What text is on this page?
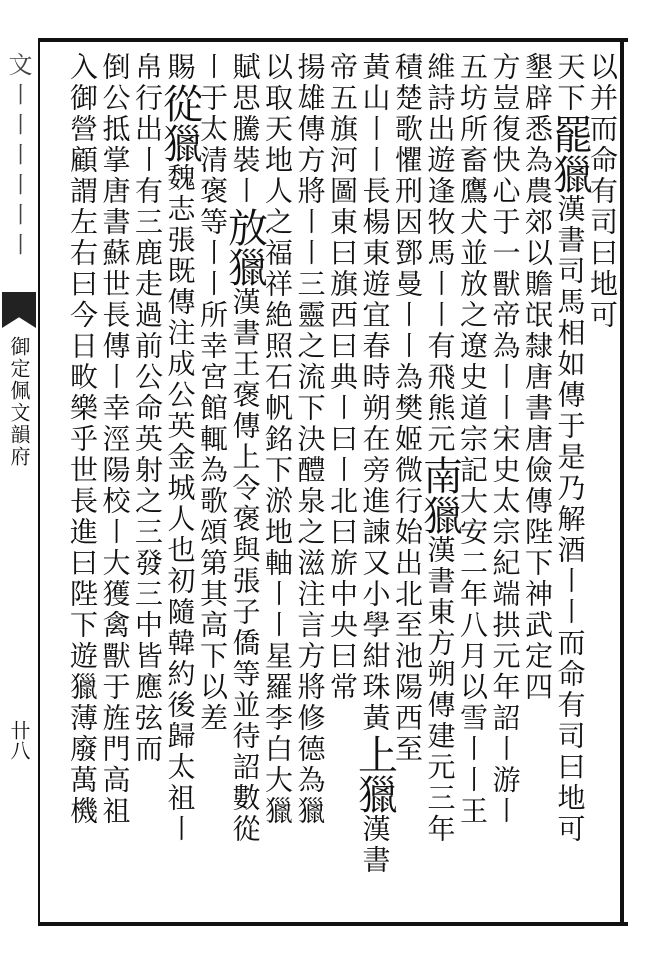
文〡〡〡〡〡〡
御定佩文韻府
卄八
以并而命有司曰地可
天下罷獵漢書司馬相如傳于是乃解酒〡〡而命有司曰地可
墾辟悉為農郊以贍氓隸唐書唐儉傳陛下神武定四
方豈復快心于一獸帝為〡〡宋史太宗紀端拱元年詔〡游〡
五坊所畜鷹犬並放之遼史道宗記大安二年八月以雪〡〡王
維詩出遊逢牧馬〡〡有飛熊元南獵漢書東方朔傳建元三年
積楚歌懼刑因鄧曼〡〡為樊姬微行始出北至池陽西至
黃山〡〡長楊東遊宜春時朔在旁進諫又小學紺珠黃上獵漢書
帝五旗河圖東曰旗西曰典〡曰〡北曰旂中央曰常
揚雄傳方將〡〡三靈之流下決醴泉之滋注言方將修德為獵
以取天地人之福祥絶照石帆銘下淤地軸〡〡星羅李白大獵
賦思騰裝〡放獵漢書王褒傳上令褒與張子僑等並待詔數從
〡于太清褒等〡〡所幸宮館輒為歌頌第其高下以差
賜從獵魏志張既傳注成公英金城人也初隨韓約後歸太祖〡
帛行出〡有三鹿走過前公命英射之三發三中皆應弦而
倒公抵掌唐書蘇世長傳〡幸涇陽校〡大獲禽獸于旌門高祖
入御營顧謂左右曰今日畋樂乎世長進曰陛下遊獵薄廢萬機
